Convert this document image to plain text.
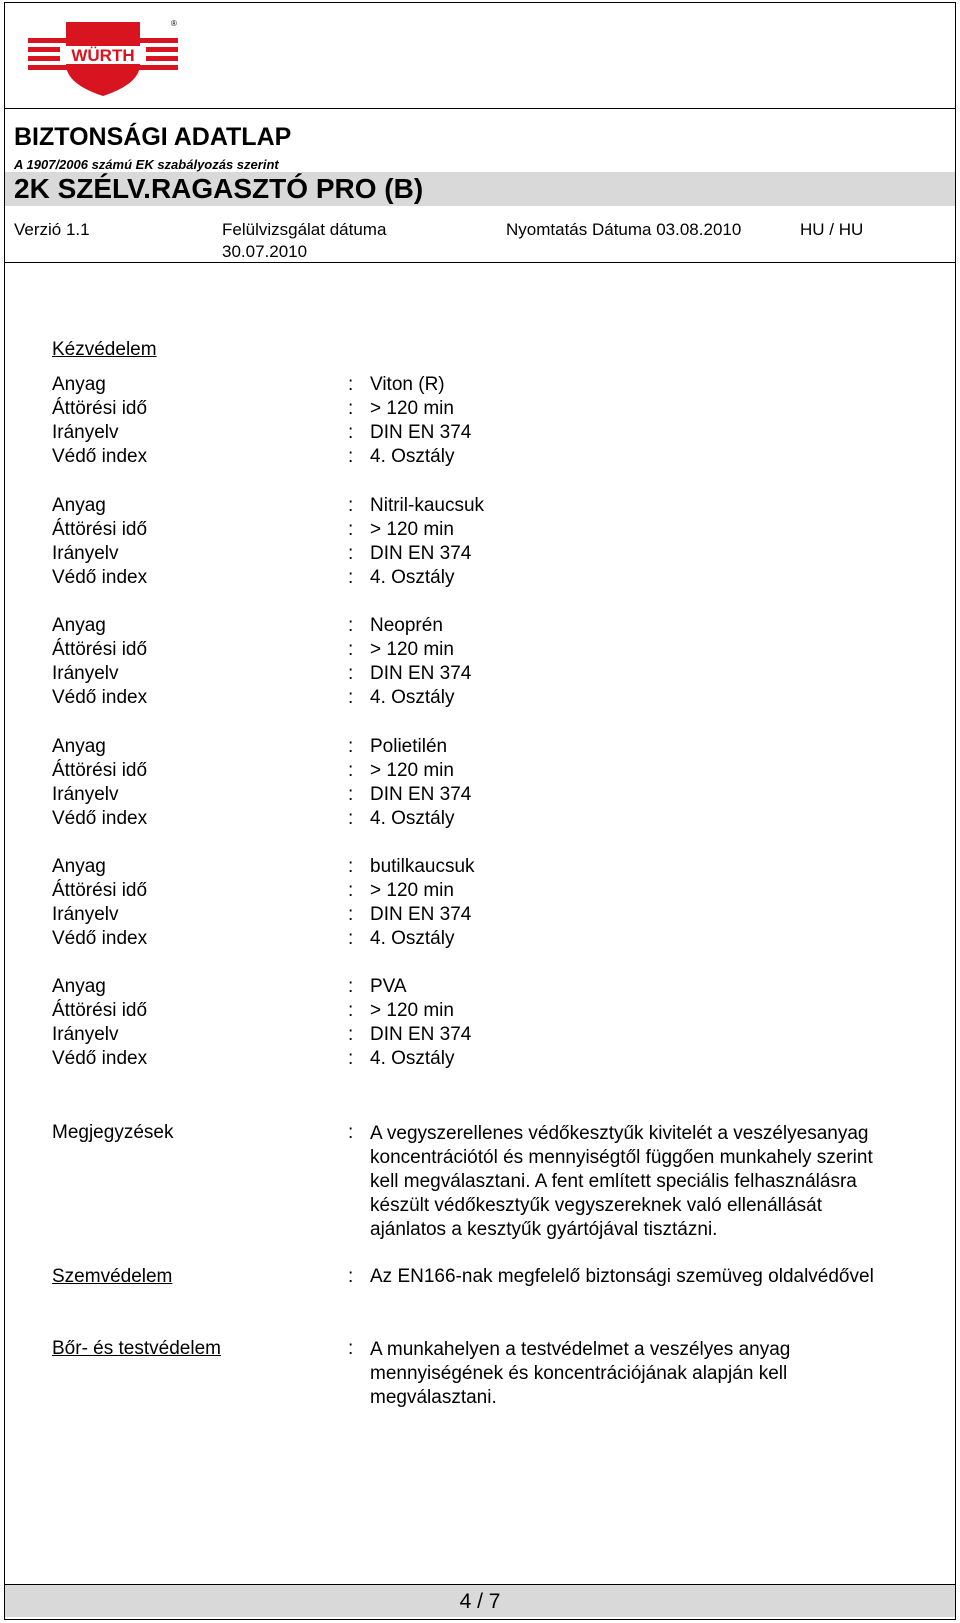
WÜRTH
®
BIZTONSÁGI ADATLAP
A 1907/2006 számú EK szabályozás szerint
2K SZÉLV.RAGASZTÓ PRO (B)
Verzió 1.1	Felülvizsgálat dátuma
30.07.2010
Nyomtatás Dátuma 03.08.2010	HU / HU
Kézvédelem
Anyag	: Viton (R)
Áttörési idő	: > 120 min
Irányelv	: DIN EN 374
Védő index	: 4. Osztály
Anyag	: Nitril-kaucsuk
Áttörési idő	: > 120 min
Irányelv	: DIN EN 374
Védő index	: 4. Osztály
Anyag	: Neoprén
Áttörési idő	: > 120 min
Irányelv	: DIN EN 374
Védő index	: 4. Osztály
Anyag	: Polietilén
Áttörési idő	: > 120 min
Irányelv	: DIN EN 374
Védő index	: 4. Osztály
Anyag	: butilkaucsuk
Áttörési idő	: > 120 min
Irányelv	: DIN EN 374
Védő index	: 4. Osztály
Anyag	: PVA
Áttörési idő	: > 120 min
Irányelv	: DIN EN 374
Védő index	: 4. Osztály
Megjegyzések	: A vegyszerellenes védőkesztyűk kivitelét a veszélyesanyag
koncentrációtól és mennyiségtől függően munkahely szerint
kell megválasztani. A fent említett speciális felhasználásra
készült védőkesztyűk vegyszereknek való ellenállását
ajánlatos a kesztyűk gyártójával tisztázni.
Szemvédelem	: Az EN166-nak megfelelő biztonsági szemüveg oldalvédővel
Bőr- és testvédelem	: A munkahelyen a testvédelmet a veszélyes anyag
mennyiségének és koncentrációjának alapján kell
megválasztani.
4 / 7
